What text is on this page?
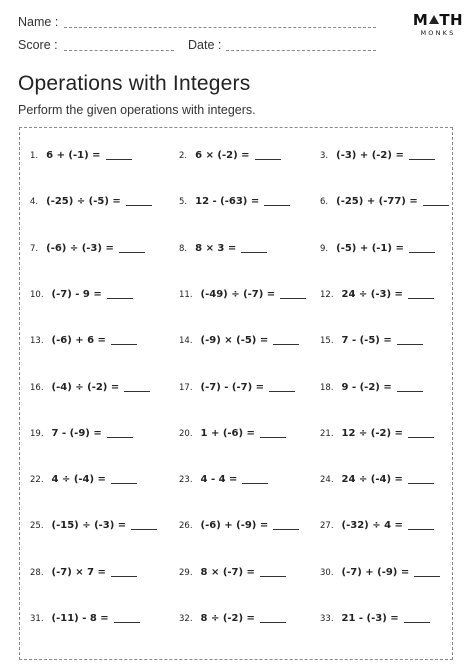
Name :
Score :	Date :
M TH
MONKS
Operations with Integers
Perform the given operations with integers.
1. 6 + (-1) =	2. 6 × (-2) =	3. (-3) + (-2) =
4. (-25) ÷ (-5) =	5. 12 - (-63) =	6. (-25) + (-77) =
7. (-6) ÷ (-3) =	8. 8 × 3 =	9. (-5) + (-1) =
10. (-7) - 9 =	11. (-49) ÷ (-7) =	12. 24 ÷ (-3) =
13. (-6) + 6 =	14. (-9) × (-5) =	15. 7 - (-5) =
16. (-4) ÷ (-2) =	17. (-7) - (-7) =	18. 9 - (-2) =
19. 7 - (-9) =	20. 1 + (-6) =	21. 12 ÷ (-2) =
22. 4 ÷ (-4) =	23. 4 - 4 =	24. 24 ÷ (-4) =
25. (-15) ÷ (-3) =	26. (-6) + (-9) =	27. (-32) ÷ 4 =
28. (-7) × 7 =	29. 8 × (-7) =	30. (-7) + (-9) =
31. (-11) - 8 =	32. 8 ÷ (-2) =	33. 21 - (-3) =
